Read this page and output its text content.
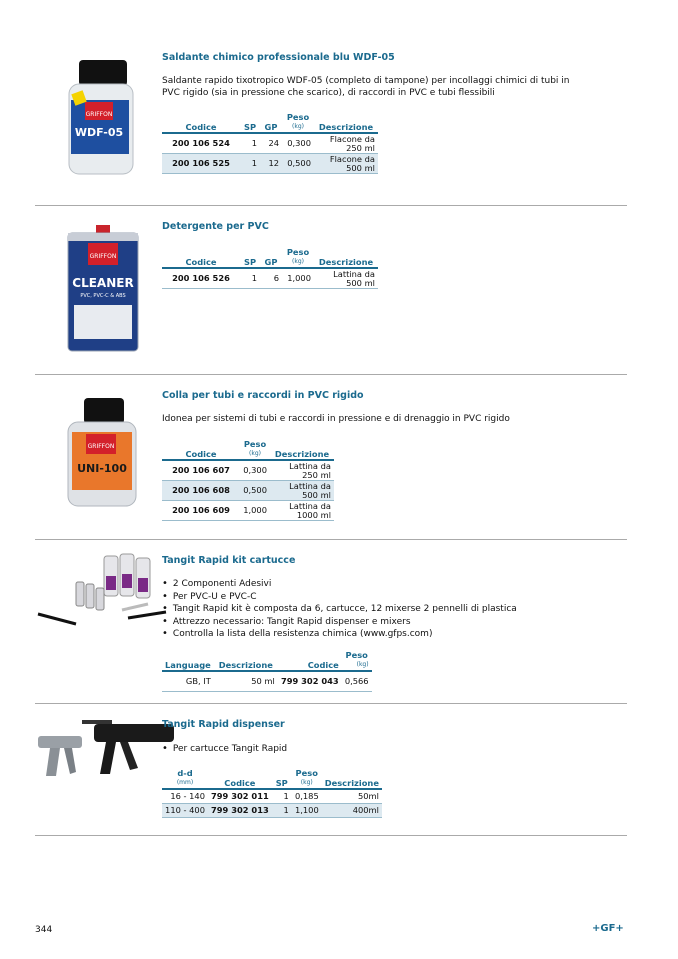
GRIFFON
WDF-05
Saldante chimico professionale blu WDF-05
Saldante rapido tixotropico WDF-05 (completo di tampone) per incollaggi chimici di tubi in PVC rigido (sia in pressione che scarico), di raccordi in PVC e tubi flessibili
Codice	SP	GP	Peso
(kg)	Descrizione
200 106 524	1	24	0,300	Flacone da 250 ml
200 106 525	1	12	0,500	Flacone da 500 ml
GRIFFON
CLEANER
PVC, PVC-C & ABS
Detergente per PVC
Codice	SP	GP	Peso
(kg)	Descrizione
200 106 526	1	6	1,000	Lattina da 500 ml
GRIFFON
UNI-100
Colla per tubi e raccordi in PVC rigido
Idonea per sistemi di tubi e raccordi in pressione e di drenaggio in PVC rigido
Codice	Peso
(kg)	Descrizione
200 106 607	0,300	Lattina da 250 ml
200 106 608	0,500	Lattina da 500 ml
200 106 609	1,000	Lattina da 1000 ml
Tangit Rapid kit cartucce
• 2 Componenti Adesivi
• Per PVC-U e PVC-C
• Tangit Rapid kit è composta da 6, cartucce, 12 mixerse 2 pennelli di plastica
• Attrezzo necessario: Tangit Rapid dispenser e mixers
• Controlla la lista della resistenza chimica (www.gfps.com)
Language	Descrizione	Codice	Peso
(kg)

GB, IT	50 ml	799 302 043	0,566
Tangit Rapid dispenser
• Per cartucce Tangit Rapid
d-d
(mm)	Codice	SP	Peso
(kg)	Descrizione
16 - 140	799 302 011	1	0,185	50ml
110 - 400	799 302 013	1	1,100	400ml
344	+GF+
